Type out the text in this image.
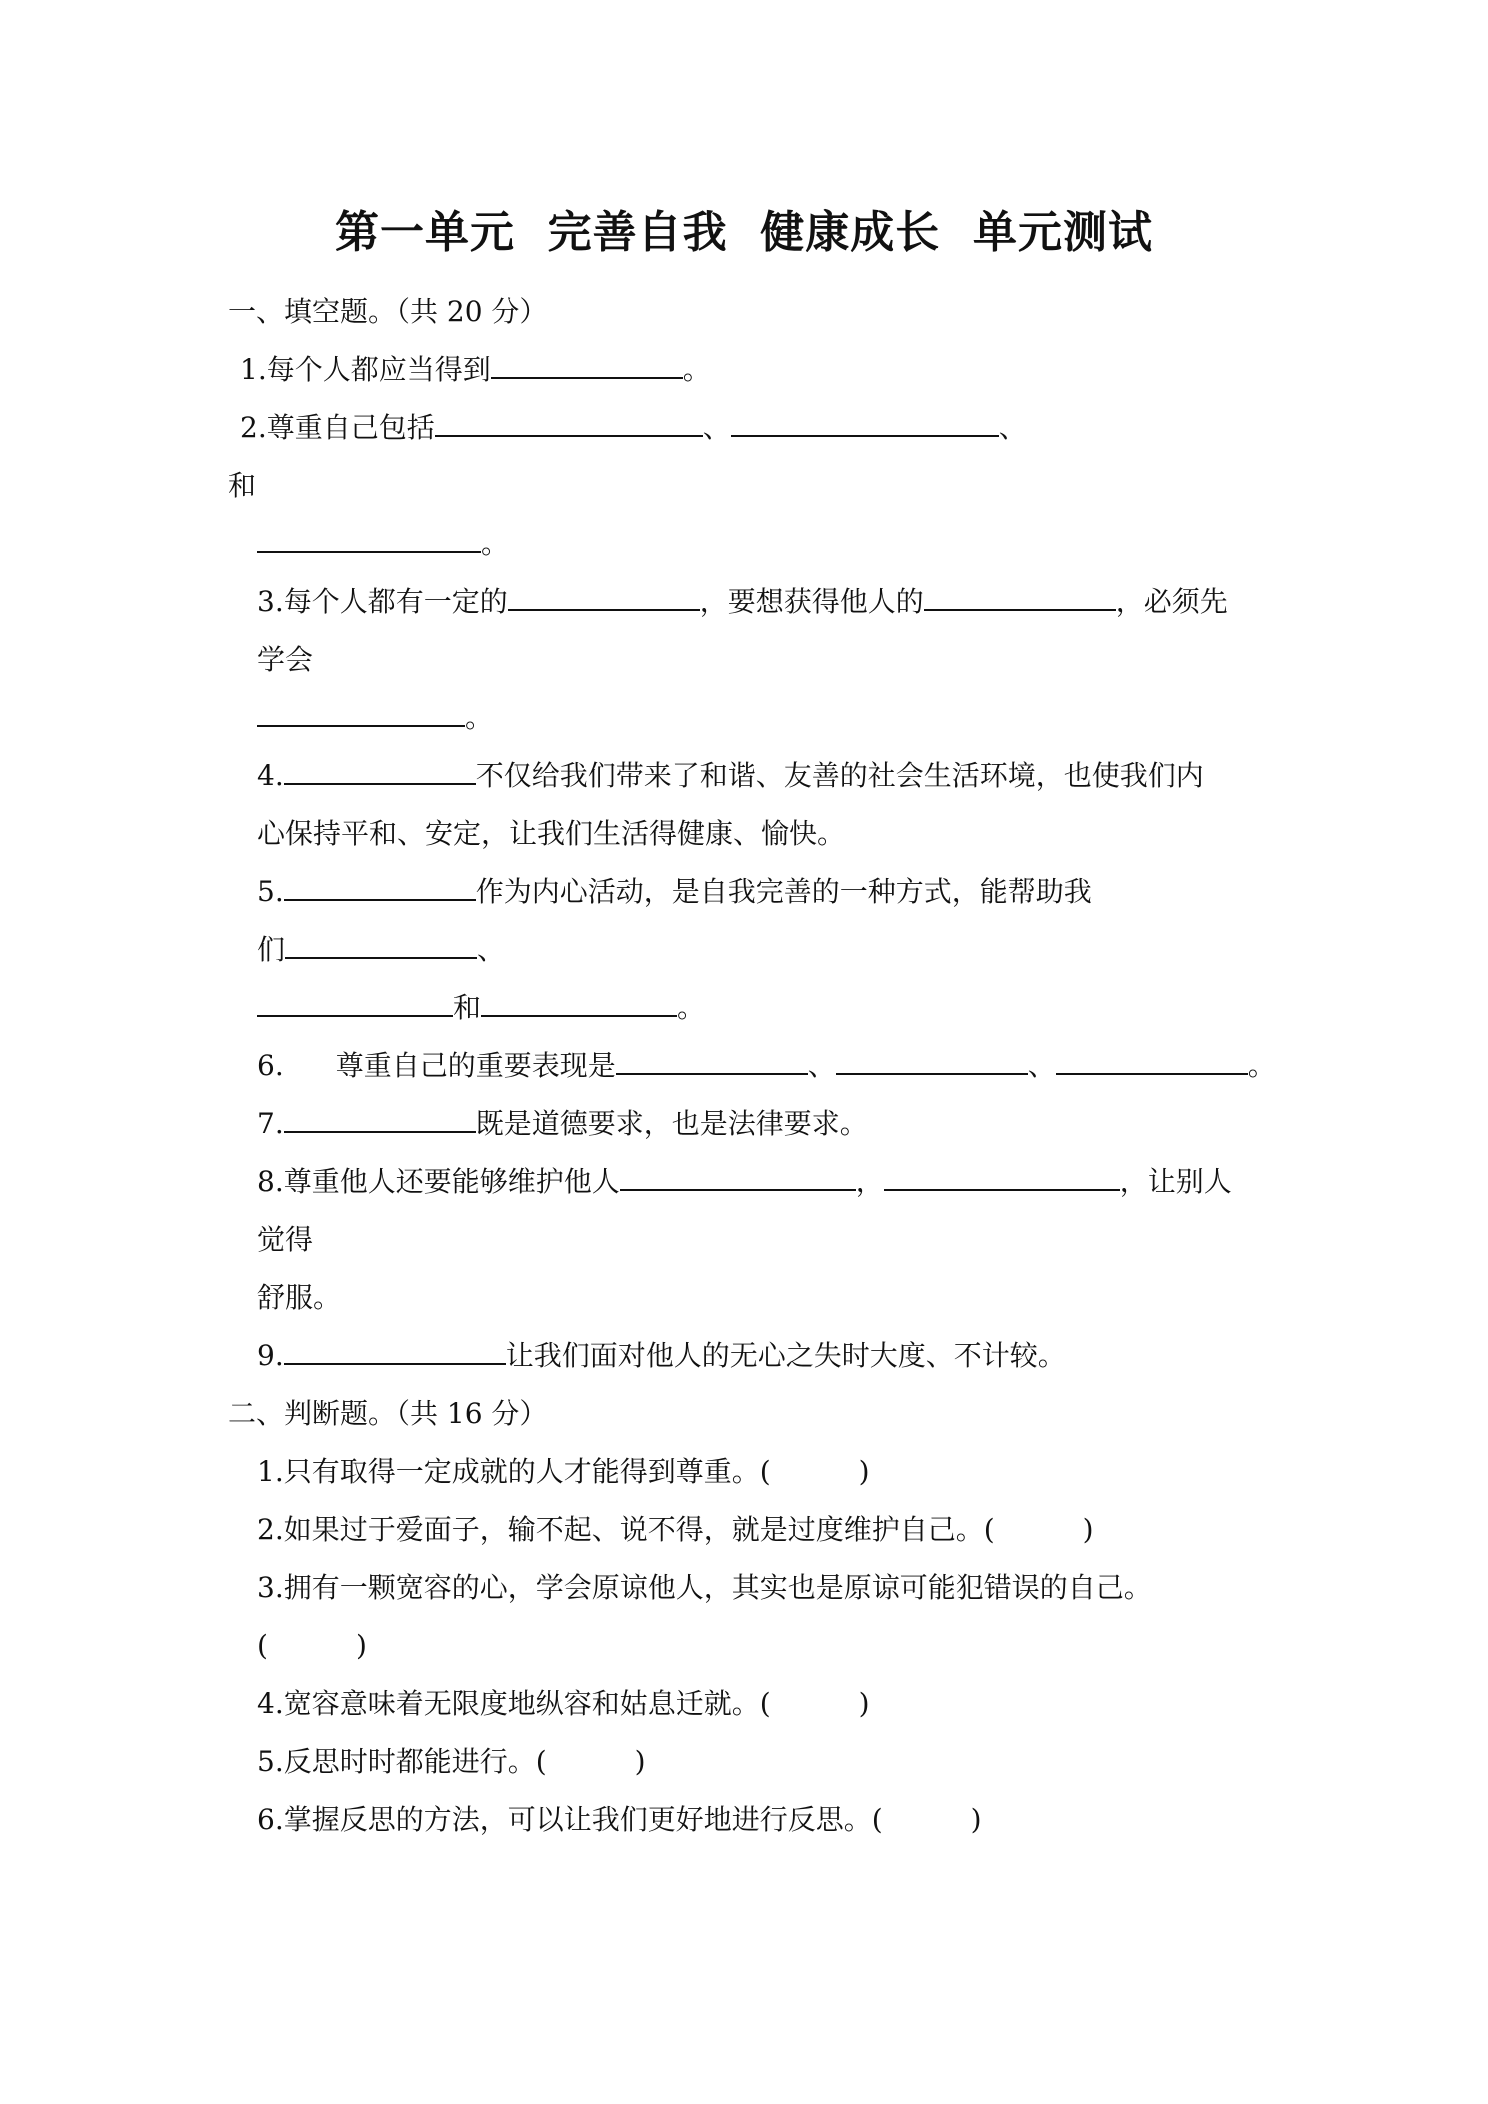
第一单元  完善自我  健康成长  单元测试
一、填空题。（共 20 分）
1.每个人都应当得到	。
2.尊重自己包括	、	、
和
。
3.每个人都有一定的	，要想获得他人的	，必须先
学会
。
4.	不仅给我们带来了和谐、友善的社会生活环境，也使我们内
心保持平和、安定，让我们生活得健康、愉快。
5.	作为内心活动，是自我完善的一种方式，能帮助我
们	、
和	。
6. 尊重自己的重要表现是	、	、	。
7.	既是道德要求，也是法律要求。
8.尊重他人还要能够维护他人	，	，让别人
觉得
舒服。
9.	让我们面对他人的无心之失时大度、不计较。
二、判断题。（共 16 分）
1.只有取得一定成就的人才能得到尊重。(	)
2.如果过于爱面子，输不起、说不得，就是过度维护自己。(	)
3.拥有一颗宽容的心，学会原谅他人，其实也是原谅可能犯错误的自己。
(	)
4.宽容意味着无限度地纵容和姑息迁就。(	)
5.反思时时都能进行。(	)
6.掌握反思的方法，可以让我们更好地进行反思。(	)
